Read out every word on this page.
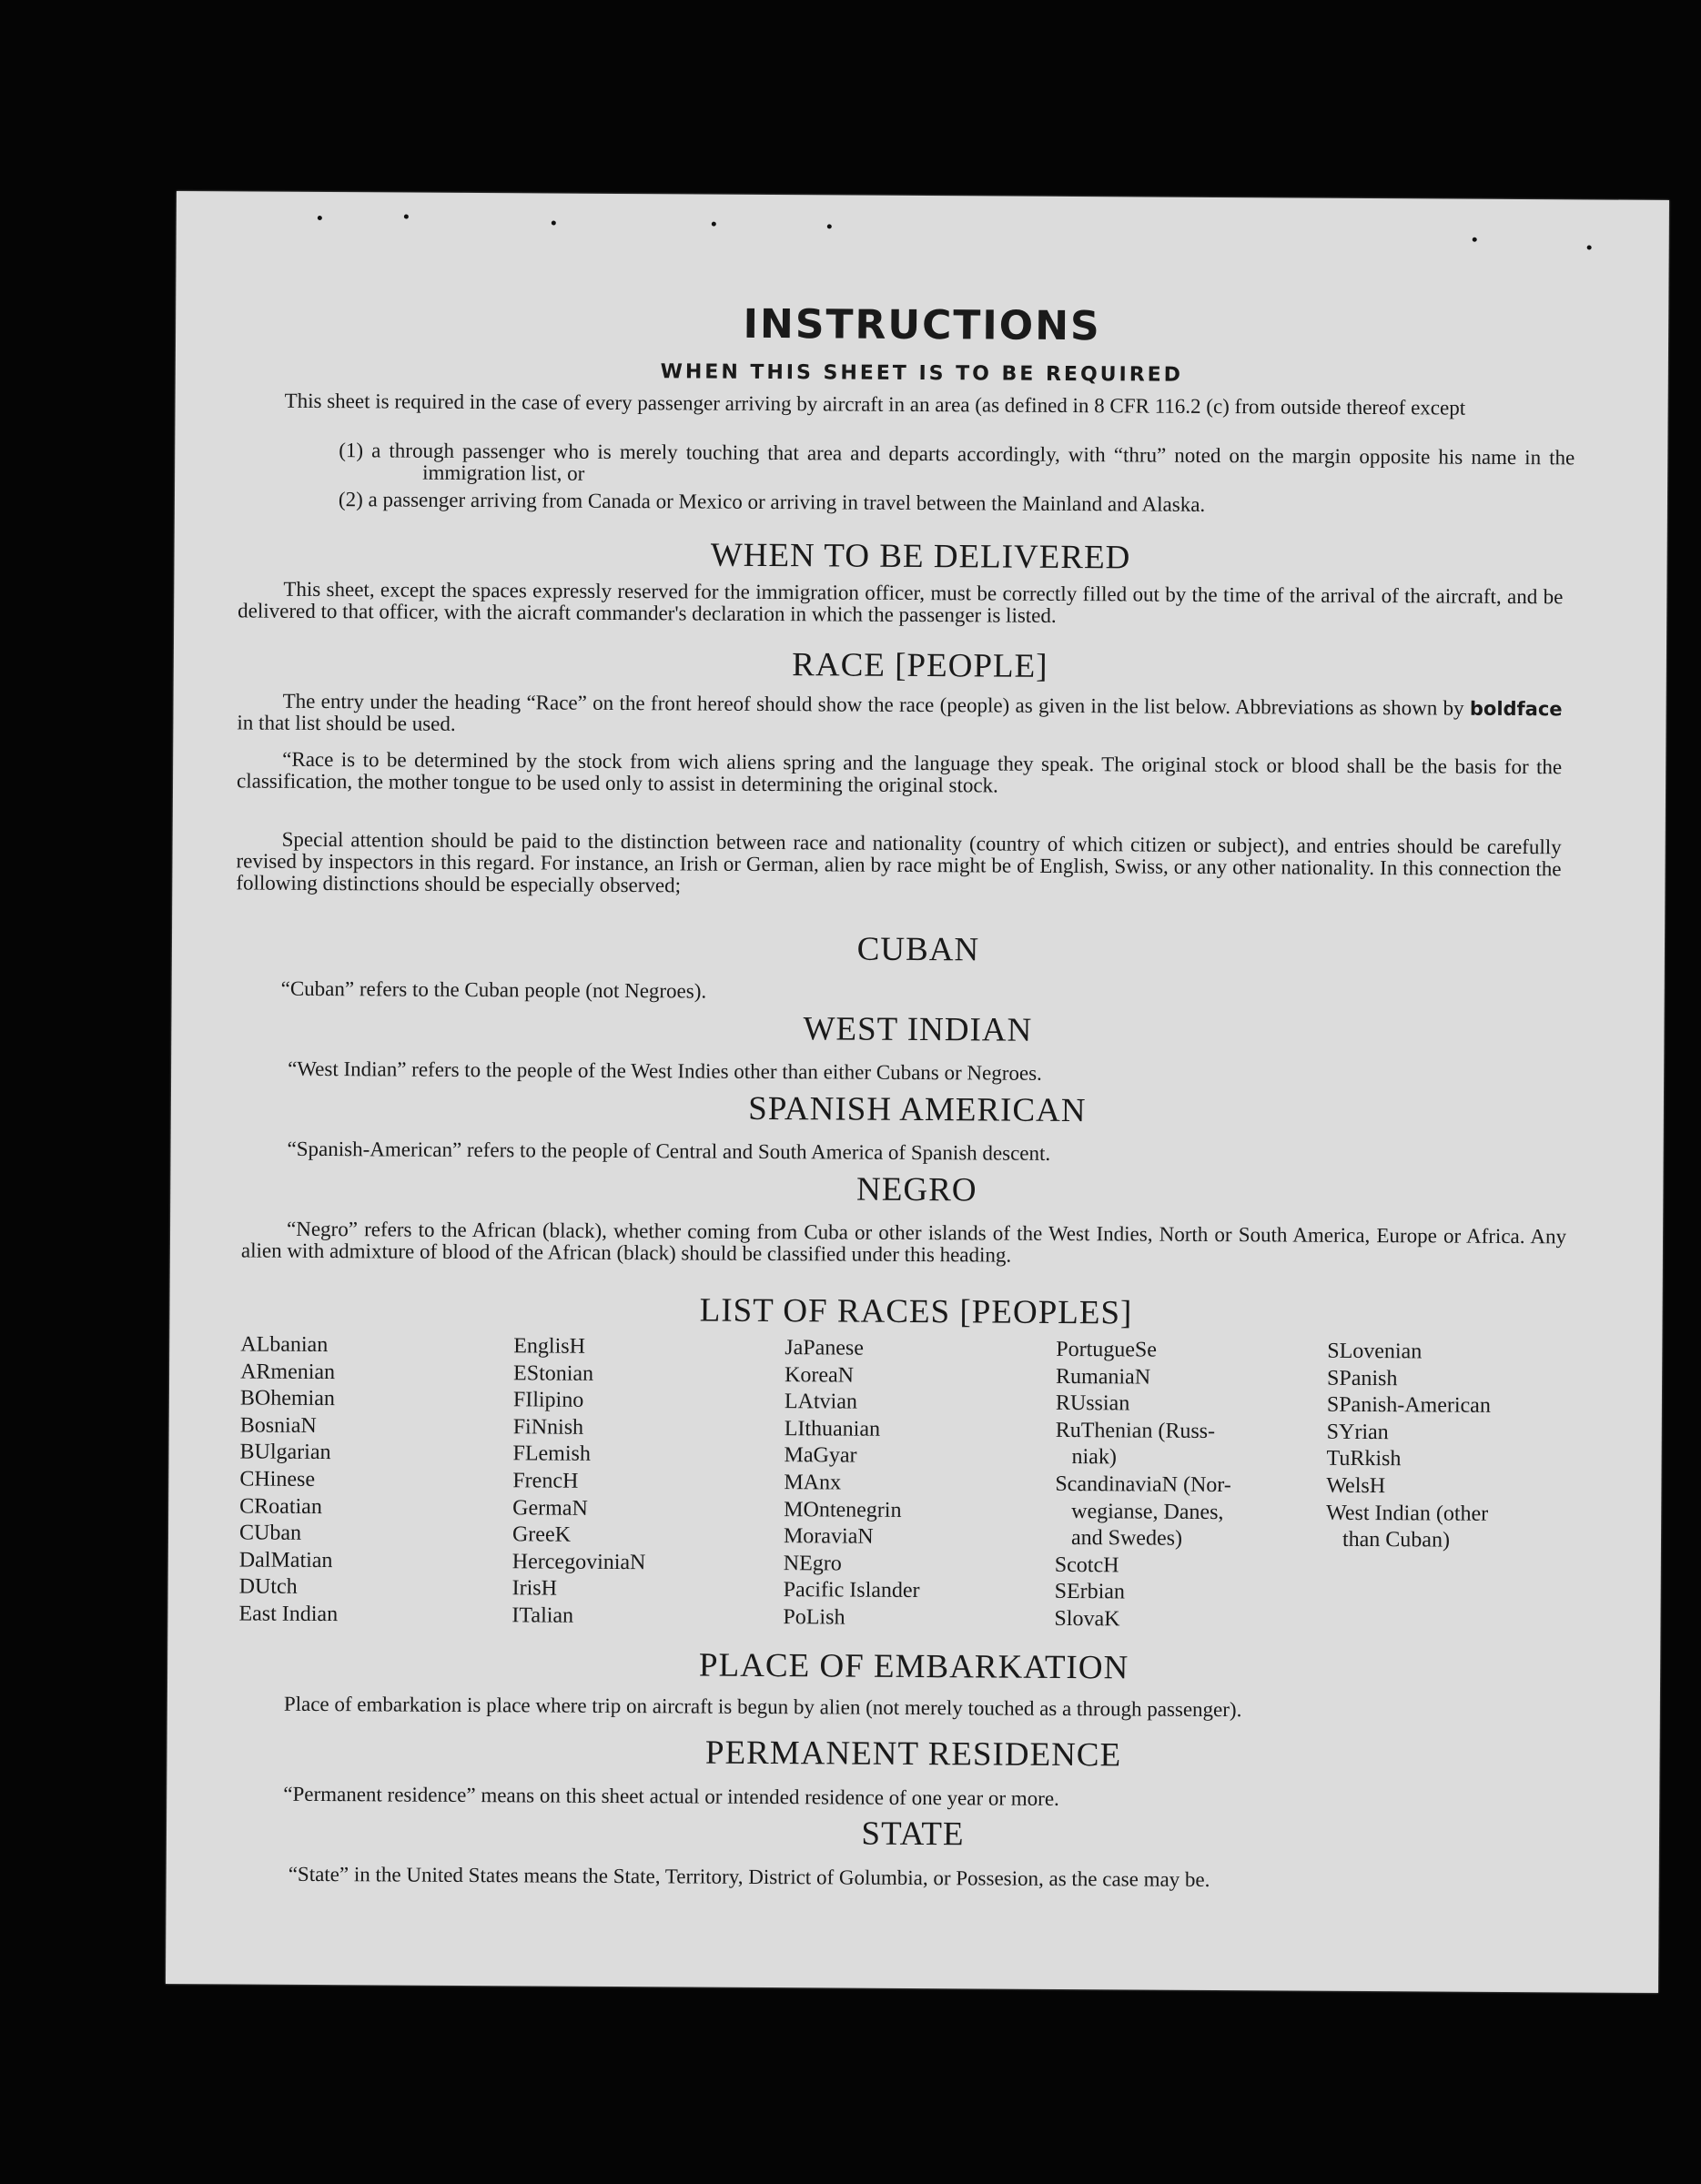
INSTRUCTIONS
WHEN THIS SHEET IS TO BE REQUIRED
This sheet is required in the case of every passenger arriving by aircraft in an area (as defined in 8 CFR 116.2 (c) from outside thereof except
(1) a through passenger who is merely touching that area and departs accordingly, with “thru” noted on the margin opposite his name in the immigration list, or
(2) a passenger arriving from Canada or Mexico or arriving in travel between the Mainland and Alaska.
WHEN TO BE DELIVERED
This sheet, except the spaces expressly reserved for the immigration officer, must be correctly filled out by the time of the arrival of the aircraft, and be delivered to that officer, with the aicraft commander's declaration in which the passenger is listed.
RACE [PEOPLE]
The entry under the heading “Race” on the front hereof should show the race (people) as given in the list below. Abbreviations as shown by boldface in that list should be used.
“Race is to be determined by the stock from wich aliens spring and the language they speak. The original stock or blood shall be the basis for the classification, the mother tongue to be used only to assist in determining the original stock.
Special attention should be paid to the distinction between race and nationality (country of which citizen or subject), and entries should be carefully revised by inspectors in this regard. For instance, an Irish or German, alien by race might be of English, Swiss, or any other nationality. In this connection the following distinctions should be especially observed;
CUBAN
“Cuban” refers to the Cuban people (not Negroes).
WEST INDIAN
“West Indian” refers to the people of the West Indies other than either Cubans or Negroes.
SPANISH AMERICAN
“Spanish-American” refers to the people of Central and South America of Spanish descent.
NEGRO
“Negro” refers to the African (black), whether coming from Cuba or other islands of the West Indies, North or South America, Europe or Africa. Any alien with admixture of blood of the African (black) should be classified under this heading.
LIST OF RACES [PEOPLES]
ALbanian
ARmenian
BOhemian
BosniaN
BUlgarian
CHinese
CRoatian
CUban
DalMatian
DUtch
East Indian
EnglisH
EStonian
FIlipino
FiNnish
FLemish
FrencH
GermaN
GreeK
HercegoviniaN
IrisH
ITalian
JaPanese
KoreaN
LAtvian
LIthuanian
MaGyar
MAnx
MOntenegrin
MoraviaN
NEgro
Pacific Islander
PoLish
PortugueSe
RumaniaN
RUssian
RuThenian (Russ-
niak)
ScandinaviaN (Nor-
wegianse, Danes,
and Swedes)
ScotcH
SErbian
SlovaK
SLovenian
SPanish
SPanish-American
SYrian
TuRkish
WelsH
West Indian (other
than Cuban)
PLACE OF EMBARKATION
Place of embarkation is place where trip on aircraft is begun by alien (not merely touched as a through passenger).
PERMANENT RESIDENCE
“Permanent residence” means on this sheet actual or intended residence of one year or more.
STATE
“State” in the United States means the State, Territory, District of Golumbia, or Possesion, as the case may be.
